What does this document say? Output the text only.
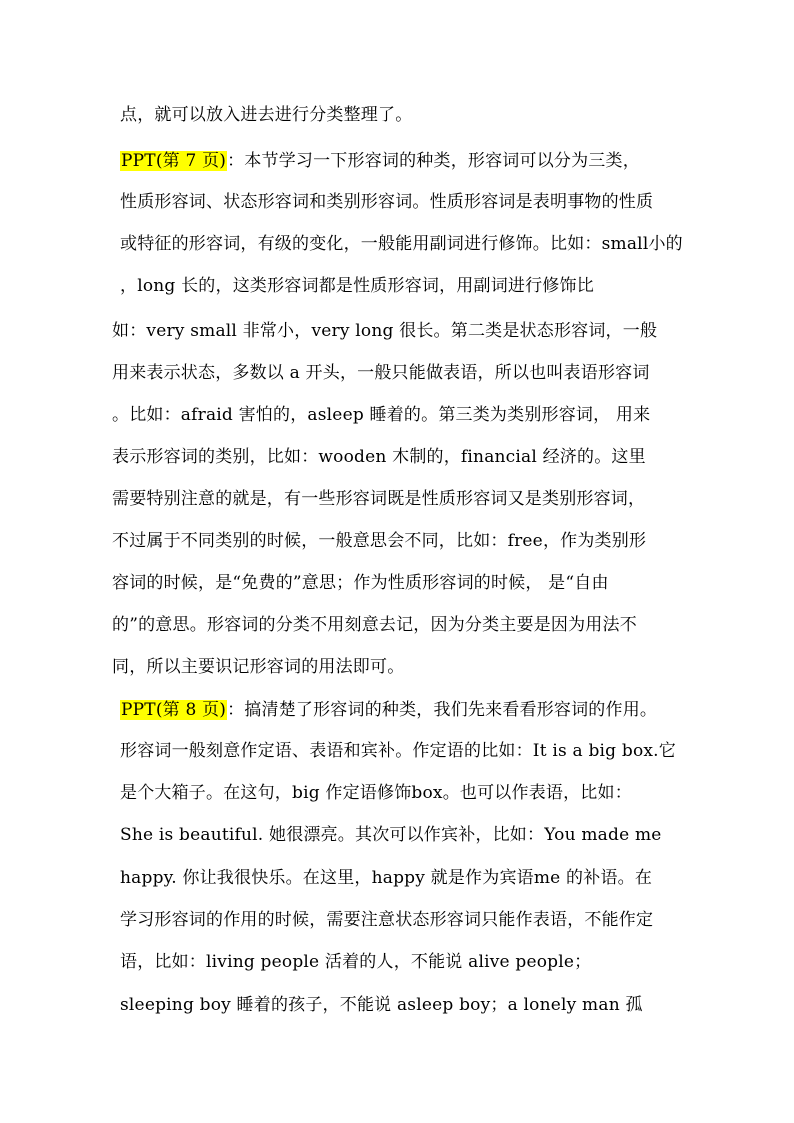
点，就可以放入进去进行分类整理了。
PPT(第 7 页)：本节学习一下形容词的种类，形容词可以分为三类，
性质形容词、状态形容词和类别形容词。性质形容词是表明事物的性质
或特征的形容词，有级的变化，一般能用副词进行修饰。比如：small小的
，long 长的，这类形容词都是性质形容词，用副词进行修饰比
如：very small 非常小，very long 很长。第二类是状态形容词，一般
用来表示状态，多数以 a 开头，一般只能做表语，所以也叫表语形容词
。比如：afraid 害怕的，asleep 睡着的。第三类为类别形容词， 用来
表示形容词的类别，比如：wooden 木制的，financial 经济的。这里
需要特别注意的就是，有一些形容词既是性质形容词又是类别形容词，
不过属于不同类别的时候，一般意思会不同，比如：free，作为类别形
容词的时候，是“免费的”意思；作为性质形容词的时候， 是“自由
的”的意思。形容词的分类不用刻意去记，因为分类主要是因为用法不
同，所以主要识记形容词的用法即可。
PPT(第 8 页)：搞清楚了形容词的种类，我们先来看看形容词的作用。
形容词一般刻意作定语、表语和宾补。作定语的比如：It is a big box.它
是个大箱子。在这句，big 作定语修饰box。也可以作表语，比如：
She is beautiful. 她很漂亮。其次可以作宾补，比如：You made me
happy. 你让我很快乐。在这里，happy 就是作为宾语me 的补语。在
学习形容词的作用的时候，需要注意状态形容词只能作表语，不能作定
语，比如：living people 活着的人，不能说 alive people；
sleeping boy 睡着的孩子，不能说 asleep boy；a lonely man 孤
